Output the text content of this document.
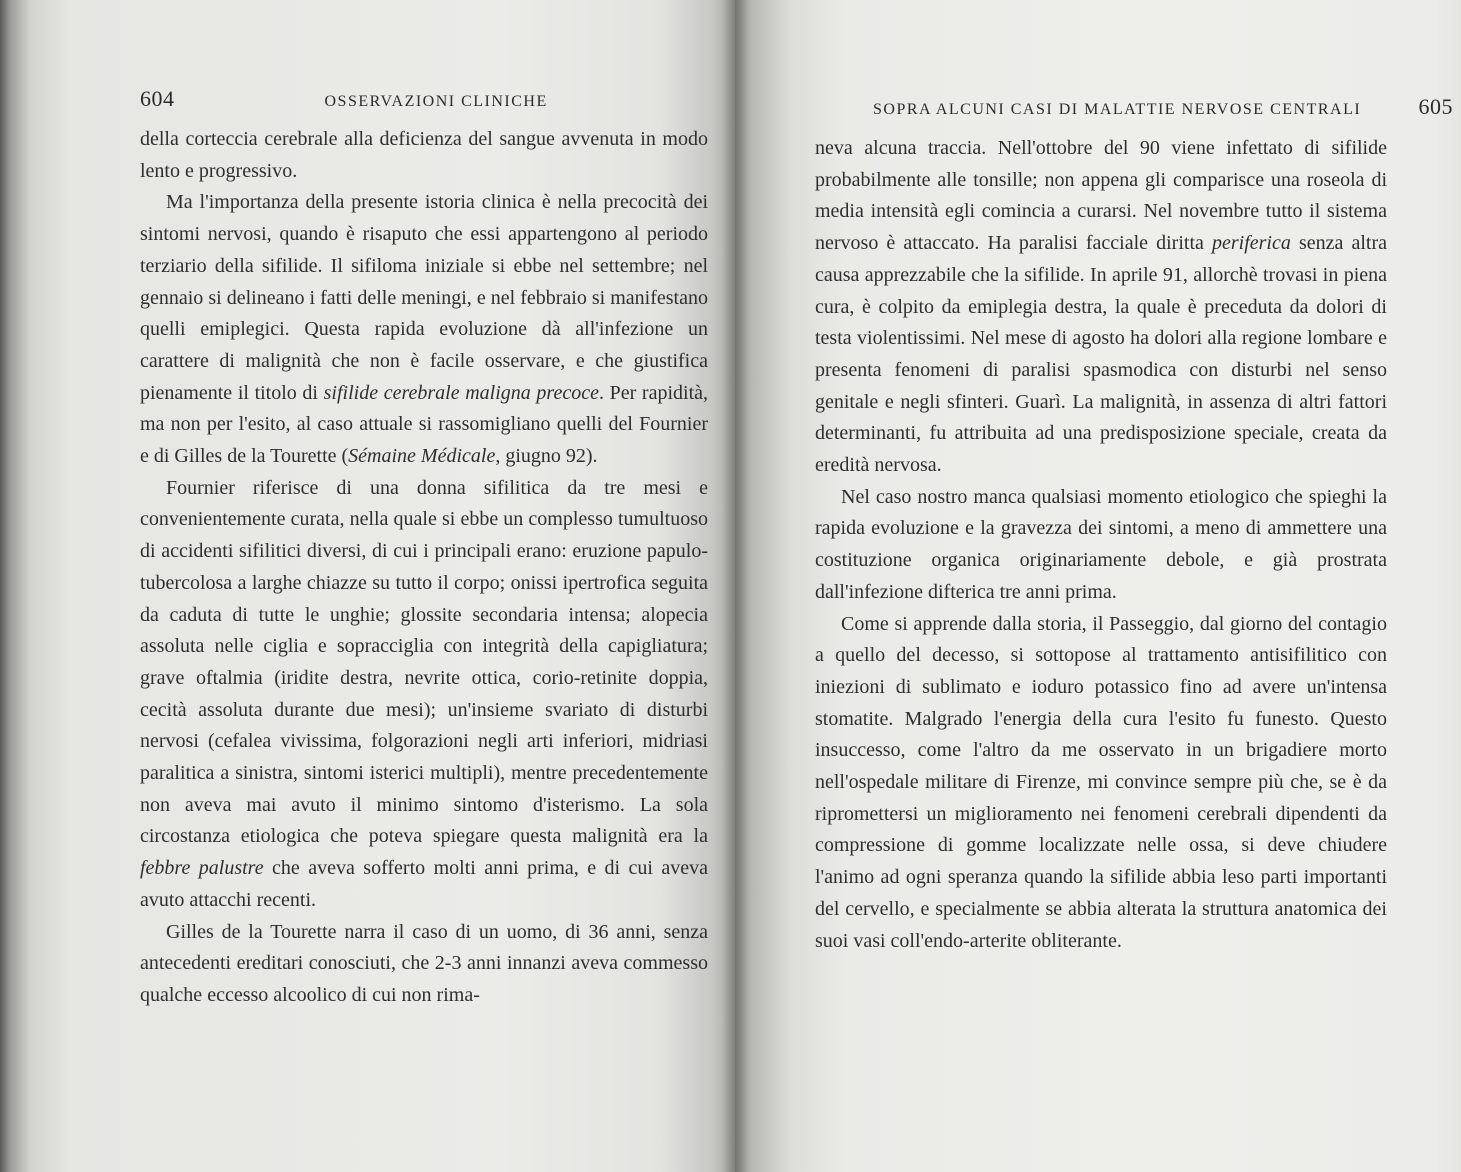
604	OSSERVAZIONI CLINICHE

della corteccia cerebrale alla deficienza del sangue avvenuta in modo lento e progressivo.

Ma l'importanza della presente istoria clinica è nella precocità dei sintomi nervosi, quando è risaputo che essi appartengono al periodo terziario della sifilide. Il sifiloma iniziale si ebbe nel settembre; nel gennaio si delineano i fatti delle meningi, e nel febbraio si manifestano quelli emiplegici. Questa rapida evoluzione dà all'infezione un carattere di malignità che non è facile osservare, e che giustifica pienamente il titolo di sifilide cerebrale maligna precoce. Per rapidità, ma non per l'esito, al caso attuale si rassomigliano quelli del Fournier e di Gilles de la Tourette (Sémaine Médicale, giugno 92).

Fournier riferisce di una donna sifilitica da tre mesi e convenientemente curata, nella quale si ebbe un complesso tumultuoso di accidenti sifilitici diversi, di cui i principali erano: eruzione papulo-tubercolosa a larghe chiazze su tutto il corpo; onissi ipertrofica seguita da caduta di tutte le unghie; glossite secondaria intensa; alopecia assoluta nelle ciglia e sopracciglia con integrità della capigliatura; grave oftalmia (iridite destra, nevrite ottica, corio-retinite doppia, cecità assoluta durante due mesi); un'insieme svariato di disturbi nervosi (cefalea vivissima, folgorazioni negli arti inferiori, midriasi paralitica a sinistra, sintomi isterici multipli), mentre precedentemente non aveva mai avuto il minimo sintomo d'isterismo. La sola circostanza etiologica che poteva spiegare questa malignità era la febbre palustre che aveva sofferto molti anni prima, e di cui aveva avuto attacchi recenti.

Gilles de la Tourette narra il caso di un uomo, di 36 anni, senza antecedenti ereditari conosciuti, che 2-3 anni innanzi aveva commesso qualche eccesso alcoolico di cui non rima-

SOPRA ALCUNI CASI DI MALATTIE NERVOSE CENTRALI	605

neva alcuna traccia. Nell'ottobre del 90 viene infettato di sifilide probabilmente alle tonsille; non appena gli comparisce una roseola di media intensità egli comincia a curarsi. Nel novembre tutto il sistema nervoso è attaccato. Ha paralisi facciale diritta periferica senza altra causa apprezzabile che la sifilide. In aprile 91, allorchè trovasi in piena cura, è colpito da emiplegia destra, la quale è preceduta da dolori di testa violentissimi. Nel mese di agosto ha dolori alla regione lombare e presenta fenomeni di paralisi spasmodica con disturbi nel senso genitale e negli sfinteri. Guarì. La malignità, in assenza di altri fattori determinanti, fu attribuita ad una predisposizione speciale, creata da eredità nervosa.

Nel caso nostro manca qualsiasi momento etiologico che spieghi la rapida evoluzione e la gravezza dei sintomi, a meno di ammettere una costituzione organica originariamente debole, e già prostrata dall'infezione difterica tre anni prima.

Come si apprende dalla storia, il Passeggio, dal giorno del contagio a quello del decesso, si sottopose al trattamento antisifilitico con iniezioni di sublimato e ioduro potassico fino ad avere un'intensa stomatite. Malgrado l'energia della cura l'esito fu funesto. Questo insuccesso, come l'altro da me osservato in un brigadiere morto nell'ospedale militare di Firenze, mi convince sempre più che, se è da ripromettersi un miglioramento nei fenomeni cerebrali dipendenti da compressione di gomme localizzate nelle ossa, si deve chiudere l'animo ad ogni speranza quando la sifilide abbia leso parti importanti del cervello, e specialmente se abbia alterata la struttura anatomica dei suoi vasi coll'endo-arterite obliterante.
